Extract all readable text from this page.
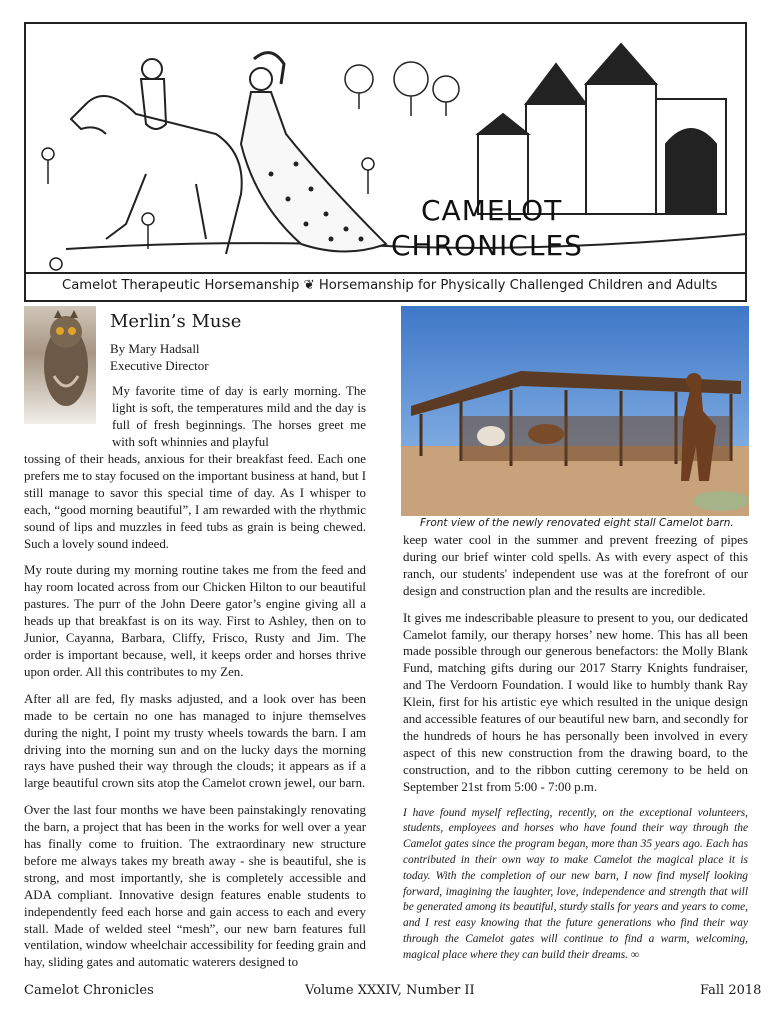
CAMELOT
CHRONICLES
Camelot Therapeutic Horsemanship ❦ Horsemanship for Physically Challenged Children and Adults
Merlin’s Muse
By Mary Hadsall
Executive Director

My favorite time of day is early morning. The light is soft, the temperatures mild and the day is full of fresh beginnings. The horses greet me with soft whinnies and playful

tossing of their heads, anxious for their breakfast feed. Each one prefers me to stay focused on the important business at hand, but I still manage to savor this special time of day. As I whisper to each, “good morning beautiful”, I am rewarded with the rhythmic sound of lips and muzzles in feed tubs as grain is being chewed. Such a lovely sound indeed.

My route during my morning routine takes me from the feed and hay room located across from our Chicken Hilton to our beautiful pastures. The purr of the John Deere gator’s engine giving all a heads up that breakfast is on its way. First to Ashley, then on to Junior, Cayanna, Barbara, Cliffy, Frisco, Rusty and Jim. The order is important because, well, it keeps order and horses thrive upon order. All this contributes to my Zen.

After all are fed, fly masks adjusted, and a look over has been made to be certain no one has managed to injure themselves during the night, I point my trusty wheels towards the barn. I am driving into the morning sun and on the lucky days the morning rays have pushed their way through the clouds; it appears as if a large beautiful crown sits atop the Camelot crown jewel, our barn.

Over the last four months we have been painstakingly renovating the barn, a project that has been in the works for well over a year has finally come to fruition. The extraordinary new structure before me always takes my breath away - she is beautiful, she is strong, and most importantly, she is completely accessible and ADA compliant. Innovative design features enable students to independently feed each horse and gain access to each and every stall. Made of welded steel “mesh”, our new barn features full ventilation, window wheelchair accessibility for feeding grain and hay, sliding gates and automatic waterers designed to

Front view of the newly renovated eight stall Camelot barn.

keep water cool in the summer and prevent freezing of pipes during our brief winter cold spells. As with every aspect of this ranch, our students' independent use was at the forefront of our design and construction plan and the results are incredible.

It gives me indescribable pleasure to present to you, our dedicated Camelot family, our therapy horses’ new home. This has all been made possible through our generous benefactors: the Molly Blank Fund, matching gifts during our 2017 Starry Knights fundraiser, and The Verdoorn Foundation. I would like to humbly thank Ray Klein, first for his artistic eye which resulted in the unique design and accessible features of our beautiful new barn, and secondly for the hundreds of hours he has personally been involved in every aspect of this new construction from the drawing board, to the construction, and to the ribbon cutting ceremony to be held on September 21st from 5:00 - 7:00 p.m.

I have found myself reflecting, recently, on the exceptional volunteers, students, employees and horses who have found their way through the Camelot gates since the program began, more than 35 years ago. Each has contributed in their own way to make Camelot the magical place it is today. With the completion of our new barn, I now find myself looking forward, imagining the laughter, love, independence and strength that will be generated among its beautiful, sturdy stalls for years and years to come, and I rest easy knowing that the future generations who find their way through the Camelot gates will continue to find a warm, welcoming, magical place where they can build their dreams. ∞

Camelot Chronicles	Volume XXXIV, Number II	Fall 2018
